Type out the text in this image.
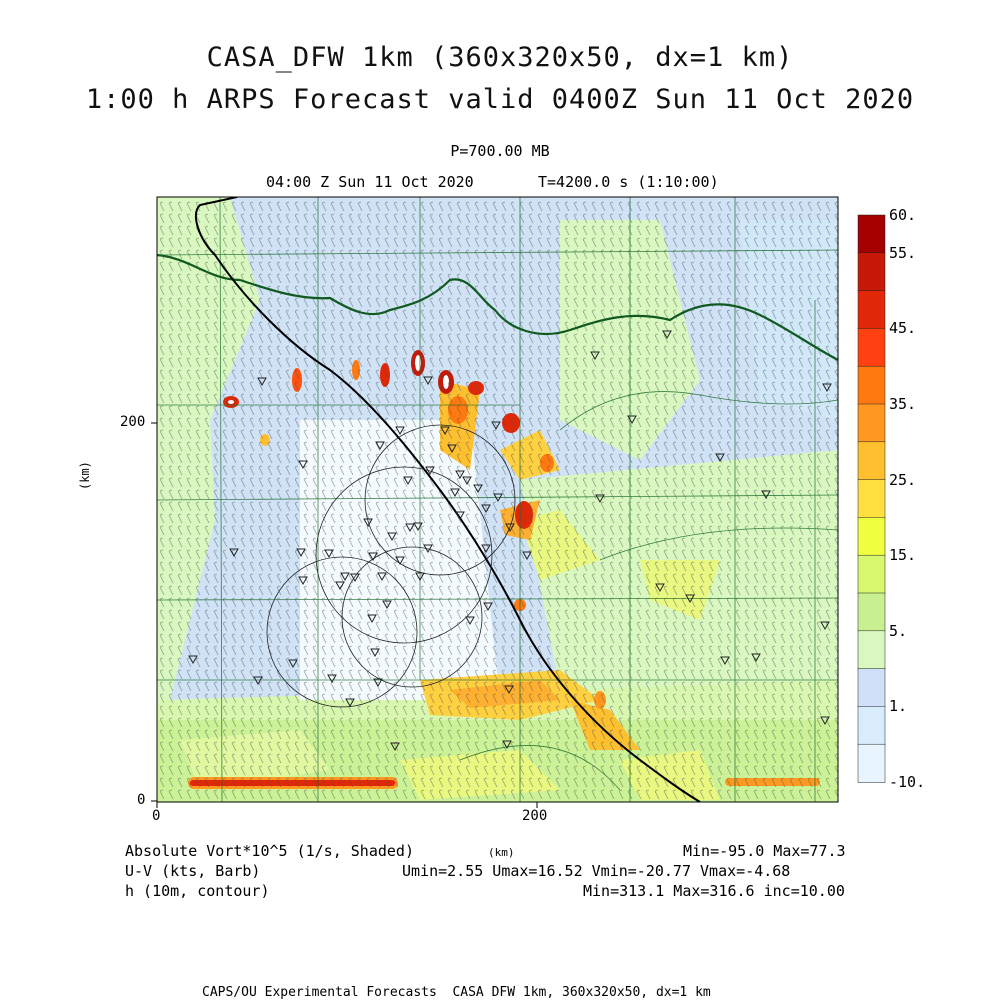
CASA_DFW 1km (360x320x50, dx=1 km)
1:00 h ARPS Forecast valid 0400Z Sun 11 Oct 2020
P=700.00 MB
04:00 Z Sun 11 Oct 2020	T=4200.0 s (1:10:00)
200
0
0	200
(km)
(km)
60.
55.
45.
35.
25.
15.
5.
1.
-10.
Absolute Vort*10^5 (1/s, Shaded)
U-V (kts, Barb)
h (10m, contour)
Min=-95.0 Max=77.3
Umin=2.55 Umax=16.52 Vmin=-20.77 Vmax=-4.68
Min=313.1 Max=316.6 inc=10.00
CAPS/OU Experimental Forecasts  CASA DFW 1km, 360x320x50, dx=1 km
